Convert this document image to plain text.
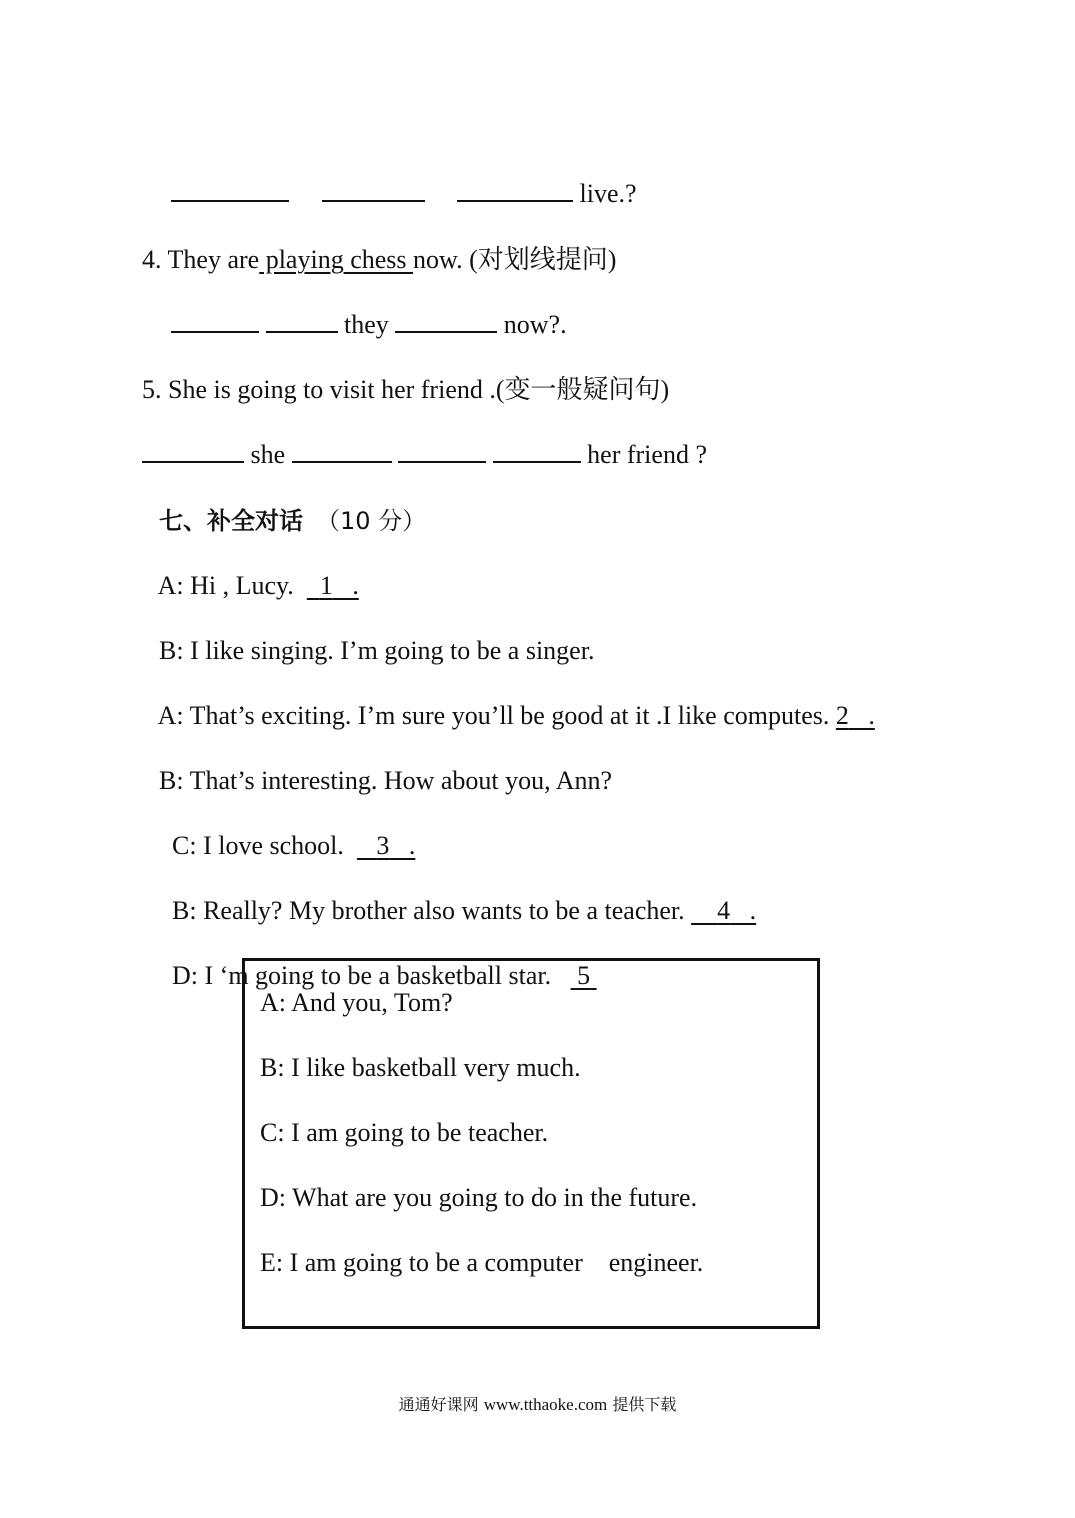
live.?

4. They are playing chess now. (对划线提问)

they	now?.

5. She is going to visit her friend .(变一般疑问句)

she	her friend ?

七、补全对话 （10 分）

A: Hi , Lucy. 1   .

B: I like singing. I’m going to be a singer.

A: That’s exciting. I’m sure you’ll be good at it .I like computes. 2   .

B: That’s interesting. How about you, Ann?

C: I love school. 3   .

B: Really? My brother also wants to be a teacher. 4   .

D: I ‘m going to be a basketball star. 5

A: And you, Tom?
B: I like basketball very much.
C: I am going to be teacher.
D: What are you going to do in the future.
E: I am going to be a computer    engineer.
通通好课网 www.tthaoke.com 提供下载
